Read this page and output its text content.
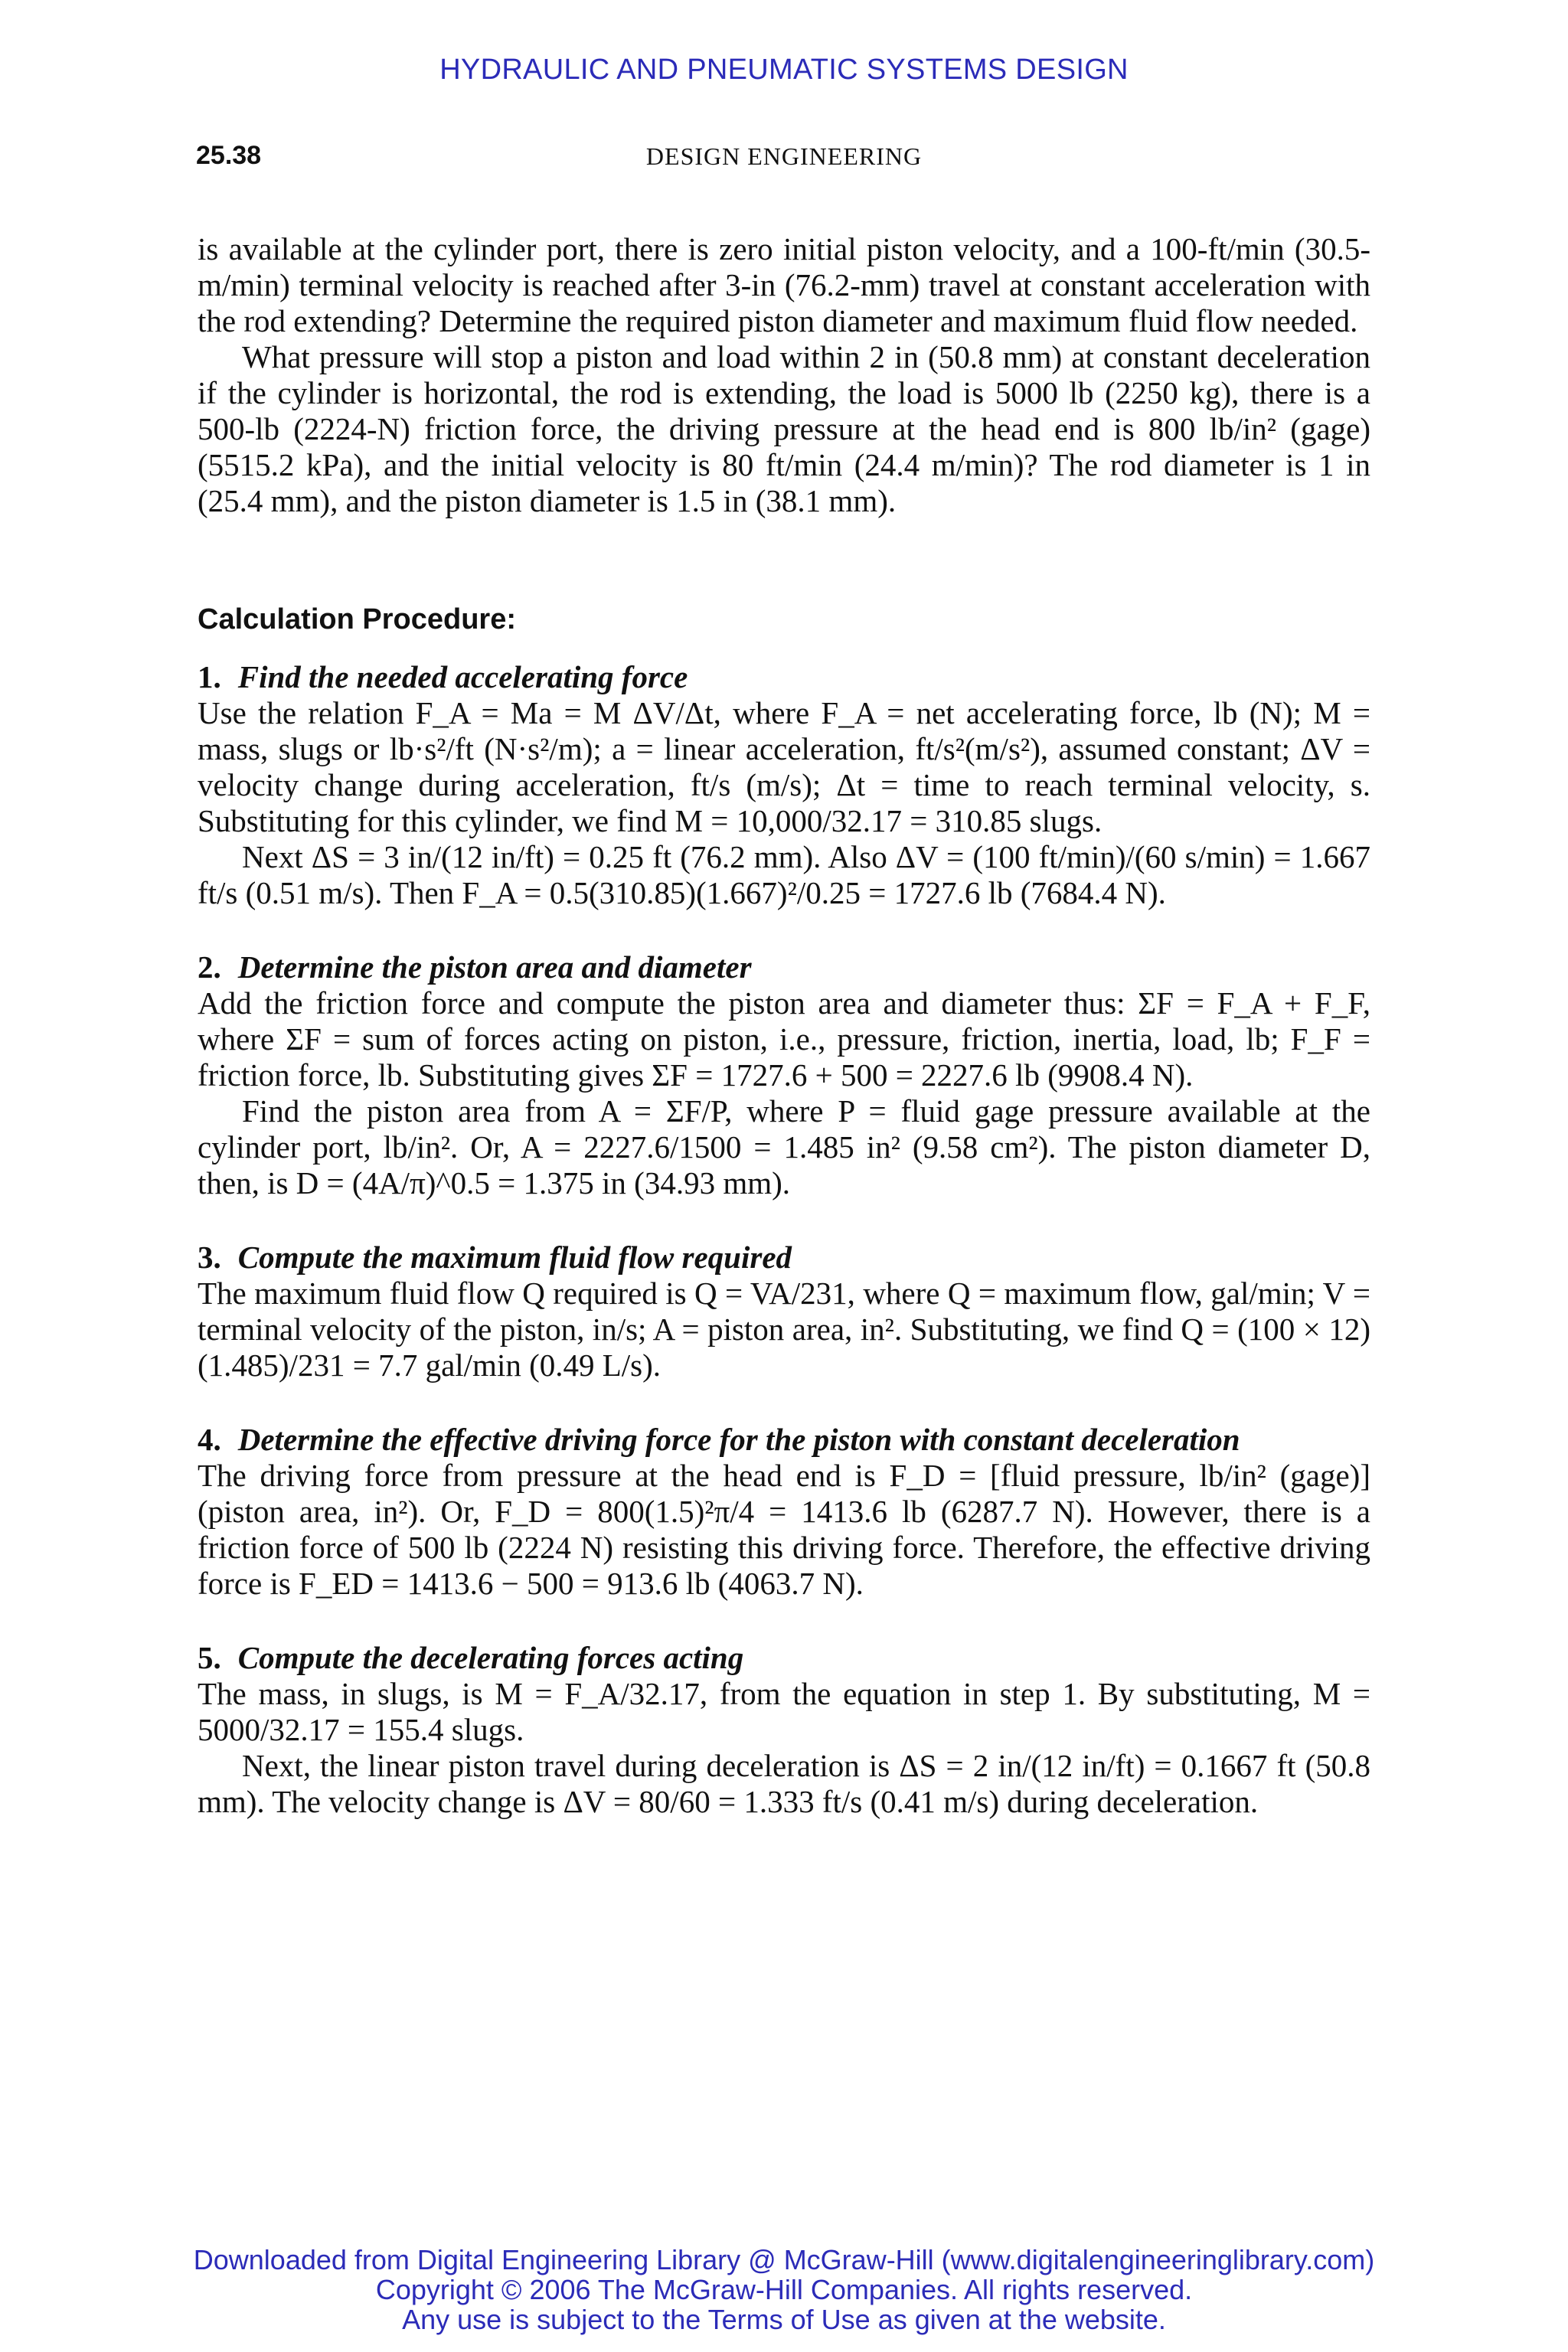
HYDRAULIC AND PNEUMATIC SYSTEMS DESIGN
25.38	DESIGN ENGINEERING

is available at the cylinder port, there is zero initial piston velocity, and a 100-ft/min (30.5-m/min) terminal velocity is reached after 3-in (76.2-mm) travel at constant acceleration with the rod extending? Determine the required piston diameter and maximum fluid flow needed.

What pressure will stop a piston and load within 2 in (50.8 mm) at constant deceleration if the cylinder is horizontal, the rod is extending, the load is 5000 lb (2250 kg), there is a 500-lb (2224-N) friction force, the driving pressure at the head end is 800 lb/in² (gage) (5515.2 kPa), and the initial velocity is 80 ft/min (24.4 m/min)? The rod diameter is 1 in (25.4 mm), and the piston diameter is 1.5 in (38.1 mm).

Calculation Procedure:
1. Find the needed accelerating force

Use the relation F_A = Ma = M ΔV/Δt, where F_A = net accelerating force, lb (N); M = mass, slugs or lb·s²/ft (N·s²/m); a = linear acceleration, ft/s²(m/s²), assumed constant; ΔV = velocity change during acceleration, ft/s (m/s); Δt = time to reach terminal velocity, s. Substituting for this cylinder, we find M = 10,000/32.17 = 310.85 slugs.

Next ΔS = 3 in/(12 in/ft) = 0.25 ft (76.2 mm). Also ΔV = (100 ft/min)/(60 s/min) = 1.667 ft/s (0.51 m/s). Then F_A = 0.5(310.85)(1.667)²/0.25 = 1727.6 lb (7684.4 N).

2. Determine the piston area and diameter

Add the friction force and compute the piston area and diameter thus: ΣF = F_A + F_F, where ΣF = sum of forces acting on piston, i.e., pressure, friction, inertia, load, lb; F_F = friction force, lb. Substituting gives ΣF = 1727.6 + 500 = 2227.6 lb (9908.4 N).

Find the piston area from A = ΣF/P, where P = fluid gage pressure available at the cylinder port, lb/in². Or, A = 2227.6/1500 = 1.485 in² (9.58 cm²). The piston diameter D, then, is D = (4A/π)^0.5 = 1.375 in (34.93 mm).

3. Compute the maximum fluid flow required

The maximum fluid flow Q required is Q = VA/231, where Q = maximum flow, gal/min; V = terminal velocity of the piston, in/s; A = piston area, in². Substituting, we find Q = (100 × 12)(1.485)/231 = 7.7 gal/min (0.49 L/s).

4. Determine the effective driving force for the piston with constant deceleration

The driving force from pressure at the head end is F_D = [fluid pressure, lb/in² (gage)](piston area, in²). Or, F_D = 800(1.5)²π/4 = 1413.6 lb (6287.7 N). However, there is a friction force of 500 lb (2224 N) resisting this driving force. Therefore, the effective driving force is F_ED = 1413.6 − 500 = 913.6 lb (4063.7 N).

5. Compute the decelerating forces acting

The mass, in slugs, is M = F_A/32.17, from the equation in step 1. By substituting, M = 5000/32.17 = 155.4 slugs.

Next, the linear piston travel during deceleration is ΔS = 2 in/(12 in/ft) = 0.1667 ft (50.8 mm). The velocity change is ΔV = 80/60 = 1.333 ft/s (0.41 m/s) during deceleration.

Downloaded from Digital Engineering Library @ McGraw-Hill (www.digitalengineeringlibrary.com)
Copyright © 2006 The McGraw-Hill Companies. All rights reserved.
Any use is subject to the Terms of Use as given at the website.
